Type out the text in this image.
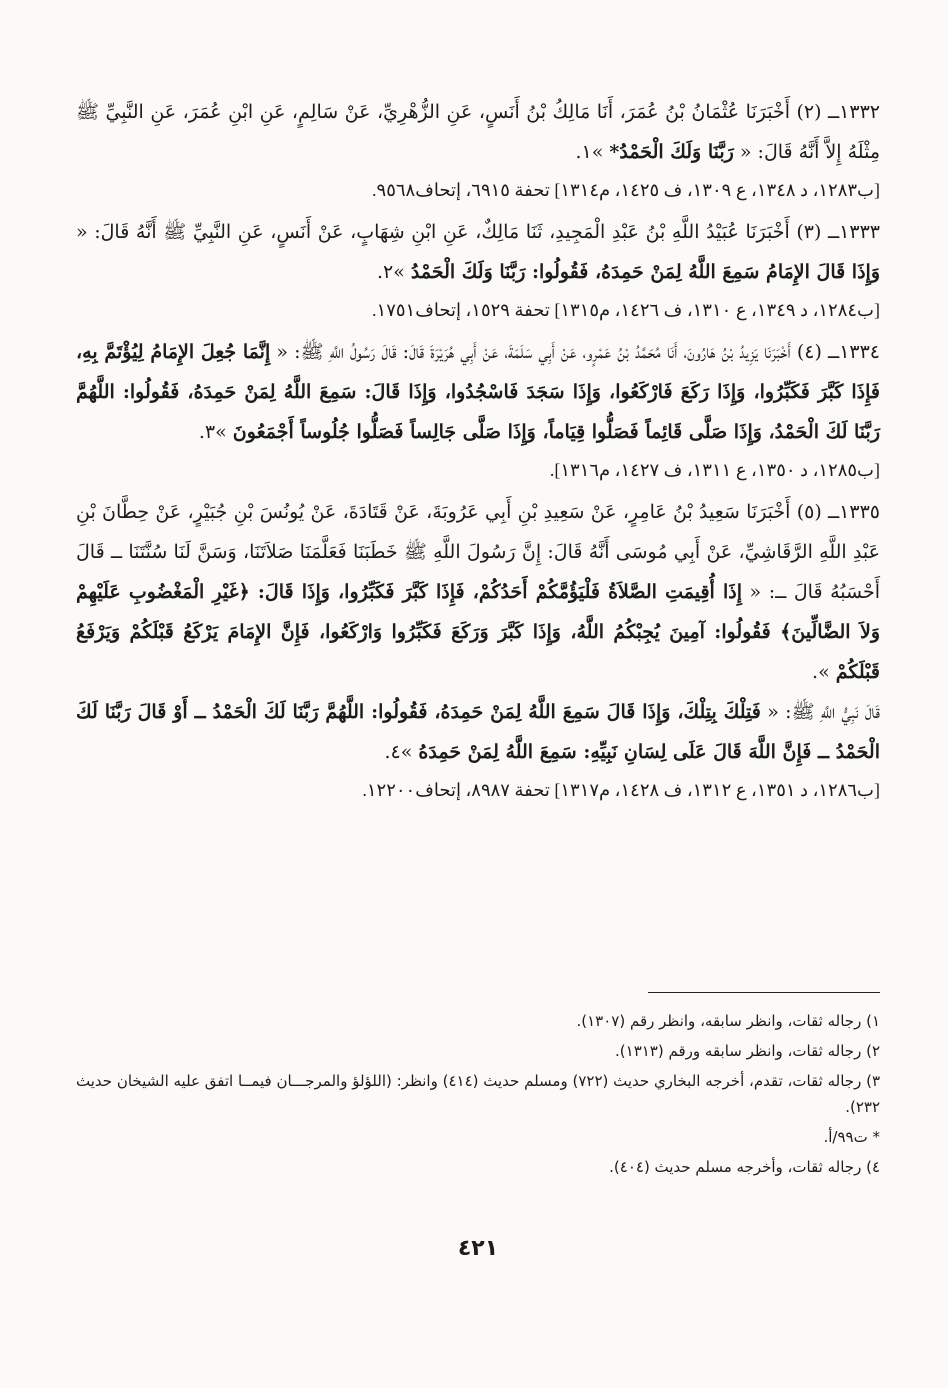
١٣٣٢ــ (٢) أَخْبَرَنَا عُثْمَانُ بْنُ عُمَرَ، أَنَا مَالِكُ بْنُ أَنَسٍ، عَنِ الزُّهْرِيِّ، عَنْ سَالِمٍ، عَنِ ابْنِ عُمَرَ، عَنِ النَّبِيِّ ﷺ مِثْلَهُ إِلاَّ أَنَّهُ قَالَ: « رَبَّنَا وَلَكَ الْحَمْدُ* »١.

[ب١٢٨٣، د ١٣٤٨، ع ١٣٠٩، ف ١٤٢٥، م١٣١٤] تحفة ٦٩١٥، إتحاف٩٥٦٨.

١٣٣٣ــ (٣) أَخْبَرَنَا عُبَيْدُ اللَّهِ بْنُ عَبْدِ الْمَجِيدِ، ثَنَا مَالِكٌ، عَنِ ابْنِ شِهَابٍ، عَنْ أَنَسٍ، عَنِ النَّبِيِّ ﷺ أَنَّهُ قَالَ: « وَإِذَا قَالَ الإِمَامُ سَمِعَ اللَّهُ لِمَنْ حَمِدَهُ، فَقُولُوا: رَبَّنَا وَلَكَ الْحَمْدُ »٢.

[ب١٢٨٤، د ١٣٤٩، ع ١٣١٠، ف ١٤٢٦، م١٣١٥] تحفة ١٥٢٩، إتحاف١٧٥١.

١٣٣٤ــ (٤) أَخْبَرَنَا يَزِيدُ بْنُ هَارُونَ، أَنَا مُحَمَّدُ بْنُ عَمْرٍو، عَنْ أَبِي سَلَمَةَ، عَنْ أَبِي هُرَيْرَةَ قَالَ: قَالَ رَسُولُ اللَّهِ ﷺ: « إِنَّمَا جُعِلَ الإِمَامُ لِيُؤْتَمَّ بِهِ، فَإِذَا كَبَّرَ فَكَبِّرُوا، وَإِذَا رَكَعَ فَارْكَعُوا، وَإِذَا سَجَدَ فَاسْجُدُوا، وَإِذَا قَالَ: سَمِعَ اللَّهُ لِمَنْ حَمِدَهُ، فَقُولُوا: اللَّهُمَّ رَبَّنَا لَكَ الْحَمْدُ، وَإِذَا صَلَّى قَائِماً فَصَلُّوا قِيَاماً، وَإِذَا صَلَّى جَالِساً فَصَلُّوا جُلُوساً أَجْمَعُونَ »٣.

[ب١٢٨٥، د ١٣٥٠، ع ١٣١١، ف ١٤٢٧، م١٣١٦].

١٣٣٥ــ (٥) أَخْبَرَنَا سَعِيدُ بْنُ عَامِرٍ، عَنْ سَعِيدِ بْنِ أَبِي عَرُوبَةَ، عَنْ قَتَادَةَ، عَنْ يُونُسَ بْنِ جُبَيْرٍ، عَنْ حِطَّانَ بْنِ عَبْدِ اللَّهِ الرَّقَاشِيِّ، عَنْ أَبِي مُوسَى أَنَّهُ قَالَ: إِنَّ رَسُولَ اللَّهِ ﷺ خَطَبَنَا فَعَلَّمَنَا صَلاَتَنَا، وَسَنَّ لَنَا سُنَّتَنَا ــ قَالَ أَحْسَبُهُ قَالَ ــ: « إِذَا أُقِيمَتِ الصَّلاَةُ فَلْيَؤُمَّكُمْ أَحَدُكُمْ، فَإِذَا كَبَّرَ فَكَبِّرُوا، وَإِذَا قَالَ: ﴿غَيْرِ الْمَغْضُوبِ عَلَيْهِمْ وَلاَ الضَّالِّينَ﴾ فَقُولُوا: آمِينَ يُجِبْكُمُ اللَّهُ، وَإِذَا كَبَّرَ وَرَكَعَ فَكَبِّرُوا وَارْكَعُوا، فَإِنَّ الإِمَامَ يَرْكَعُ قَبْلَكُمْ وَيَرْفَعُ قَبْلَكُمْ ».

قَالَ نَبِيُّ اللَّهِ ﷺ: « فَتِلْكَ بِتِلْكَ، وَإِذَا قَالَ سَمِعَ اللَّهُ لِمَنْ حَمِدَهُ، فَقُولُوا: اللَّهُمَّ رَبَّنَا لَكَ الْحَمْدُ ــ أَوْ قَالَ رَبَّنَا لَكَ الْحَمْدُ ــ فَإِنَّ اللَّهَ قَالَ عَلَى لِسَانِ نَبِيِّهِ: سَمِعَ اللَّهُ لِمَنْ حَمِدَهُ »٤.

[ب١٢٨٦، د ١٣٥١، ع ١٣١٢، ف ١٤٢٨، م١٣١٧] تحفة ٨٩٨٧، إتحاف١٢٢٠٠.

١) رجاله ثقات، وانظر سابقه، وانظر رقم (١٣٠٧).

٢) رجاله ثقات، وانظر سابقه ورقم (١٣١٣).

٣) رجاله ثقات، تقدم، أخرجه البخاري حديث (٧٢٢) ومسلم حديث (٤١٤) وانظر: (اللؤلؤ والمرجـــان فيمــا اتفق عليه الشيخان حديث ٢٣٢).

* ت٩٩/أ.

٤) رجاله ثقات، وأخرجه مسلم حديث (٤٠٤).

٤٢١
